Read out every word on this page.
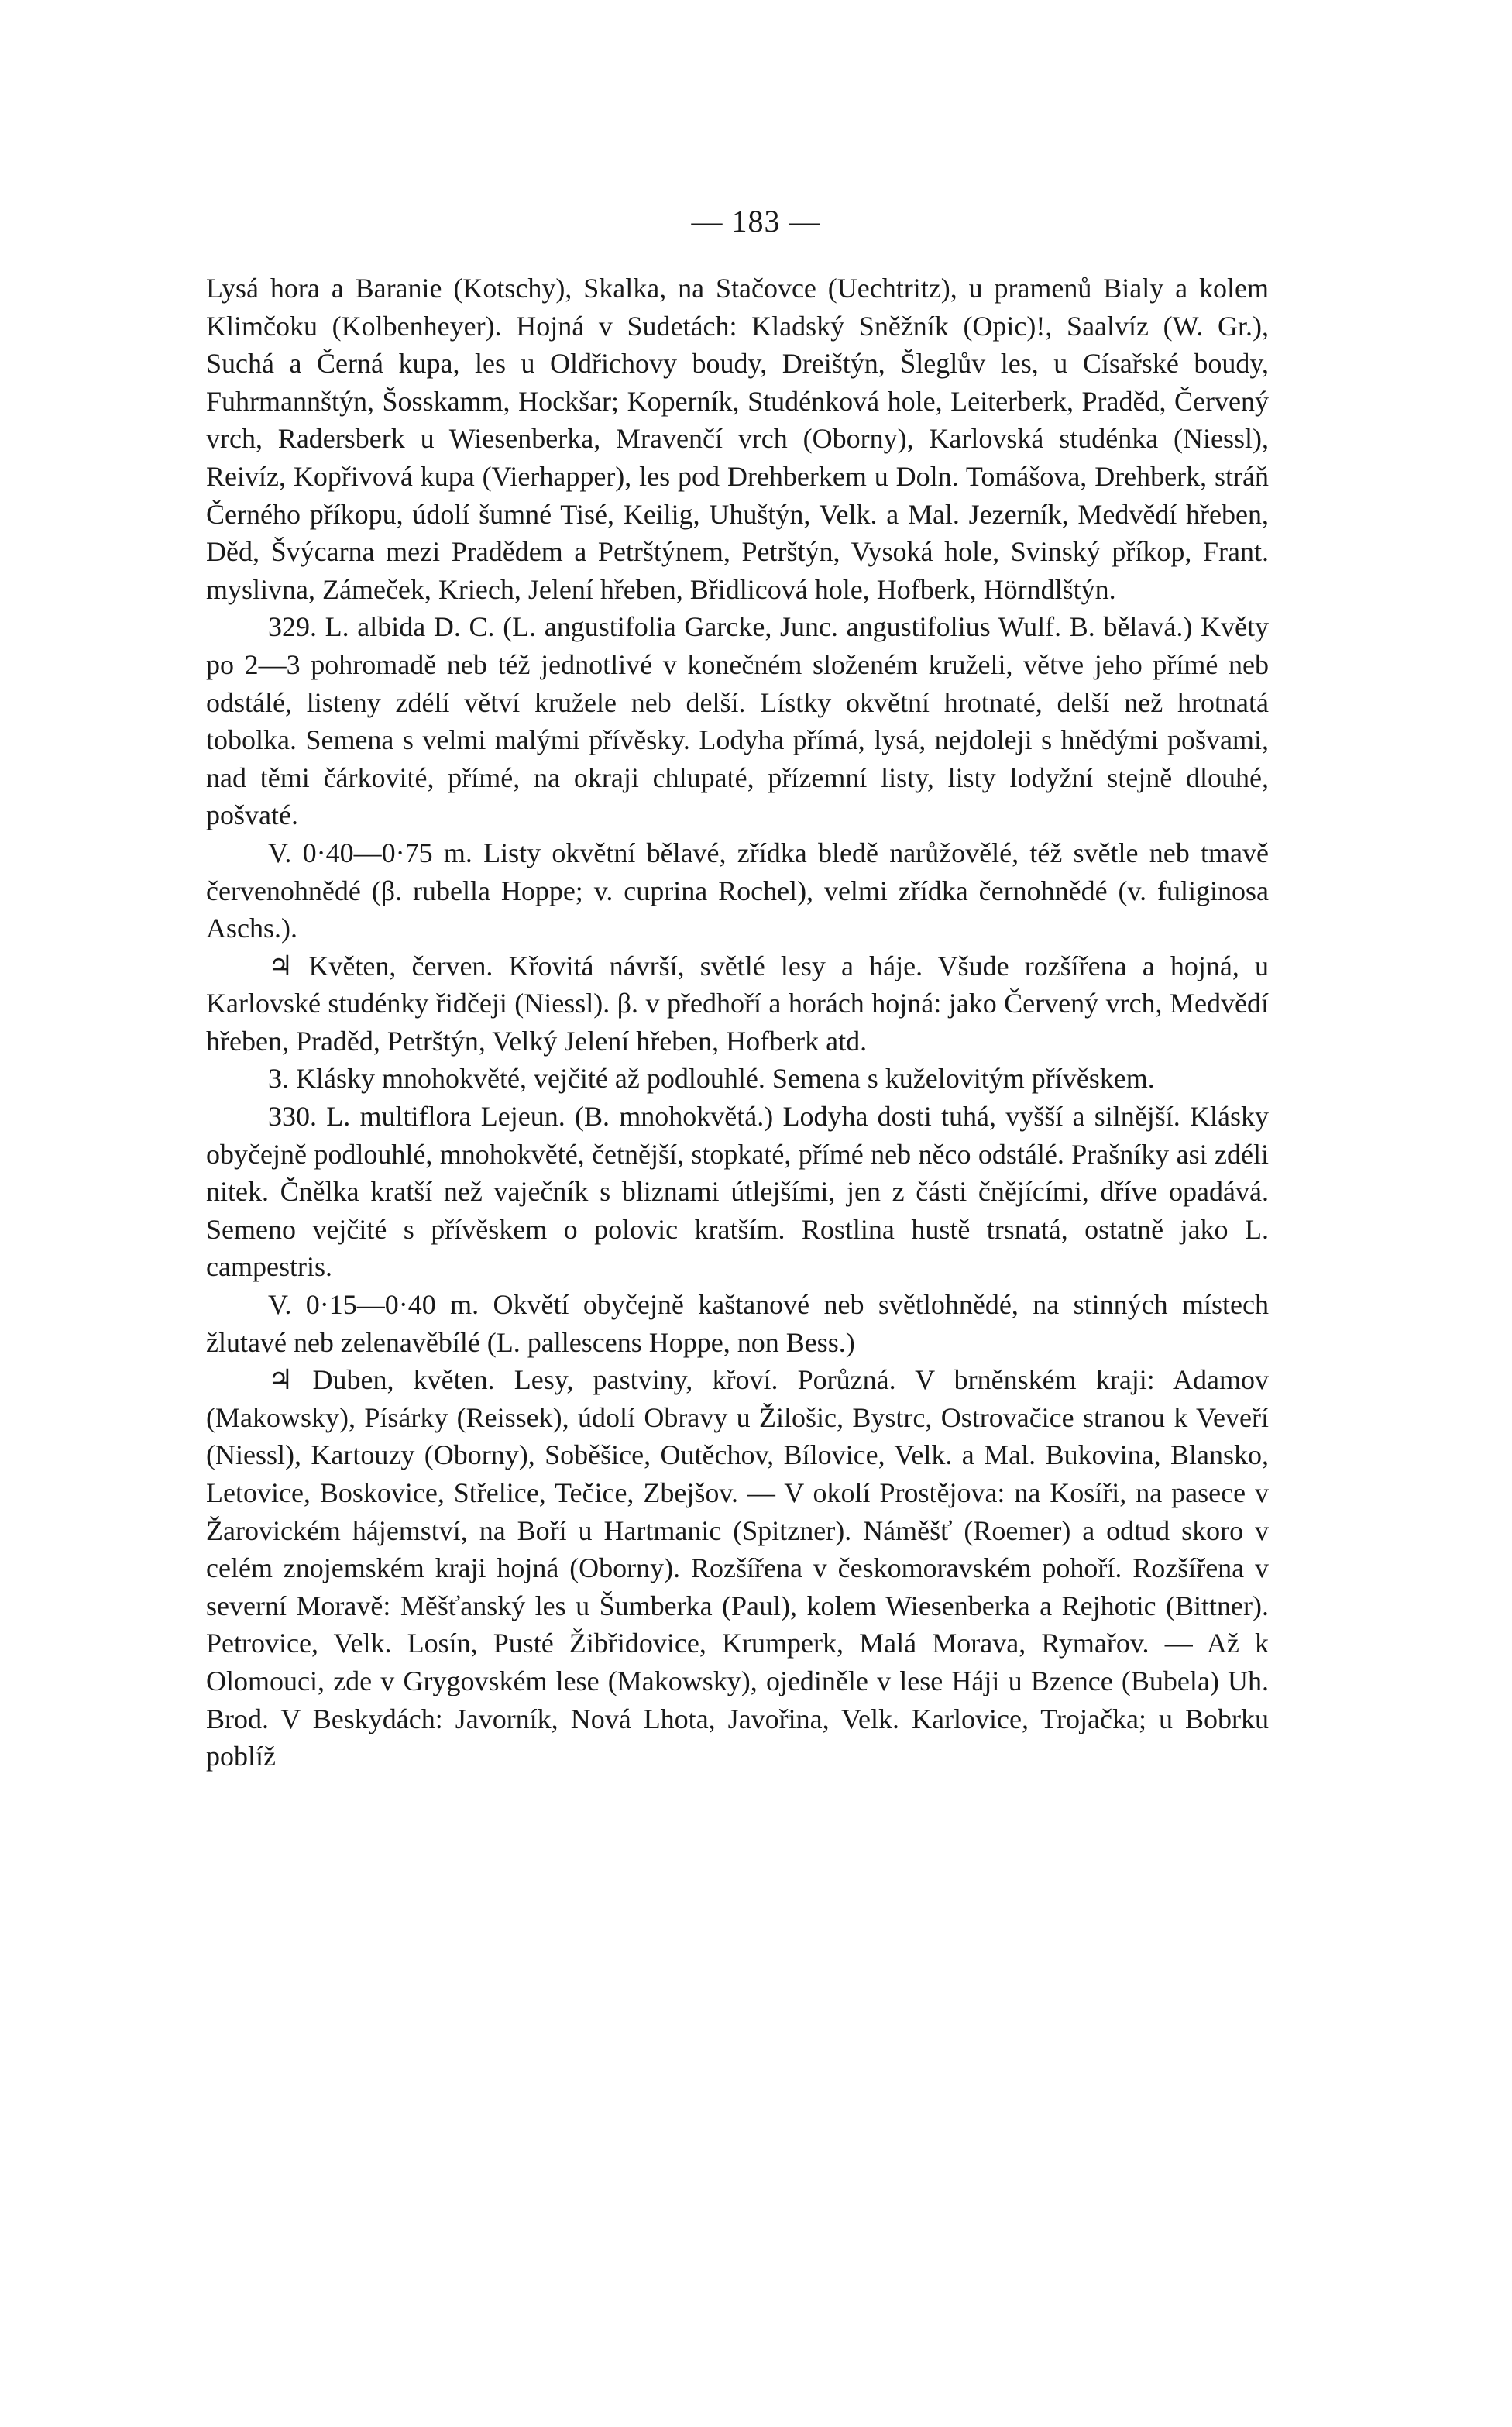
— 183 —

Lysá hora a Baranie (Kotschy), Skalka, na Stačovce (Uechtritz), u pramenů Bialy a kolem Klimčoku (Kolbenheyer). Hojná v Sudetách: Kladský Sněžník (Opic)!, Saalvíz (W. Gr.), Suchá a Černá kupa, les u Oldřichovy boudy, Dreištýn, Šleglův les, u Císařské boudy, Fuhrmannštýn, Šosskamm, Hockšar; Koperník, Studénková hole, Leiterberk, Praděd, Červený vrch, Radersberk u Wiesenberka, Mravenčí vrch (Oborny), Karlovská studénka (Niessl), Reivíz, Kopřivová kupa (Vierhapper), les pod Drehberkem u Doln. Tomášova, Drehberk, stráň Černého příkopu, údolí šumné Tisé, Keilig, Uhuštýn, Velk. a Mal. Jezerník, Medvědí hřeben, Děd, Švýcarna mezi Pradědem a Petrštýnem, Petrštýn, Vysoká hole, Svinský příkop, Frant. myslivna, Zámeček, Kriech, Jelení hřeben, Břidlicová hole, Hofberk, Hörndlštýn.

329. L. albida D. C. (L. angustifolia Garcke, Junc. angustifolius Wulf. B. bělavá.) Květy po 2—3 pohromadě neb též jednotlivé v konečném složeném kruželi, větve jeho přímé neb odstálé, listeny zdélí větví kružele neb delší. Lístky okvětní hrotnaté, delší než hrotnatá tobolka. Semena s velmi malými přívěsky. Lodyha přímá, lysá, nejdoleji s hnědými pošvami, nad těmi čárkovité, přímé, na okraji chlupaté, přízemní listy, listy lodyžní stejně dlouhé, pošvaté.

V. 0·40—0·75 m. Listy okvětní bělavé, zřídka bledě narůžovělé, též světle neb tmavě červenohnědé (β. rubella Hoppe; v. cuprina Rochel), velmi zřídka černohnědé (v. fuliginosa Aschs.).

♃ Květen, červen. Křovitá návrší, světlé lesy a háje. Všude rozšířena a hojná, u Karlovské studénky řidčeji (Niessl). β. v předhoří a horách hojná: jako Červený vrch, Medvědí hřeben, Praděd, Petrštýn, Velký Jelení hřeben, Hofberk atd.

3. Klásky mnohokvěté, vejčité až podlouhlé. Semena s kuželovitým přívěskem.

330. L. multiflora Lejeun. (B. mnohokvětá.) Lodyha dosti tuhá, vyšší a silnější. Klásky obyčejně podlouhlé, mnohokvěté, četnější, stopkaté, přímé neb něco odstálé. Prašníky asi zdéli nitek. Čnělka kratší než vaječník s bliznami útlejšími, jen z části čnějícími, dříve opadává. Semeno vejčité s přívěskem o polovic kratším. Rostlina hustě trsnatá, ostatně jako L. campestris.

V. 0·15—0·40 m. Okvětí obyčejně kaštanové neb světlohnědé, na stinných místech žlutavé neb zelenavěbílé (L. pallescens Hoppe, non Bess.)

♃ Duben, květen. Lesy, pastviny, křoví. Porůzná. V brněnském kraji: Adamov (Makowsky), Písárky (Reissek), údolí Obravy u Žilošic, Bystrc, Ostrovačice stranou k Veveří (Niessl), Kartouzy (Oborny), Soběšice, Outěchov, Bílovice, Velk. a Mal. Bukovina, Blansko, Letovice, Boskovice, Střelice, Tečice, Zbejšov. — V okolí Prostějova: na Kosíři, na pasece v Žarovickém hájemství, na Boří u Hartmanic (Spitzner). Náměšť (Roemer) a odtud skoro v celém znojemském kraji hojná (Oborny). Rozšířena v českomoravském pohoří. Rozšířena v severní Moravě: Měšťanský les u Šumberka (Paul), kolem Wiesenberka a Rejhotic (Bittner). Petrovice, Velk. Losín, Pusté Žibřidovice, Krumperk, Malá Morava, Rymařov. — Až k Olomouci, zde v Grygovském lese (Makowsky), ojediněle v lese Háji u Bzence (Bubela) Uh. Brod. V Beskydách: Javorník, Nová Lhota, Javořina, Velk. Karlovice, Trojačka; u Bobrku poblíž
